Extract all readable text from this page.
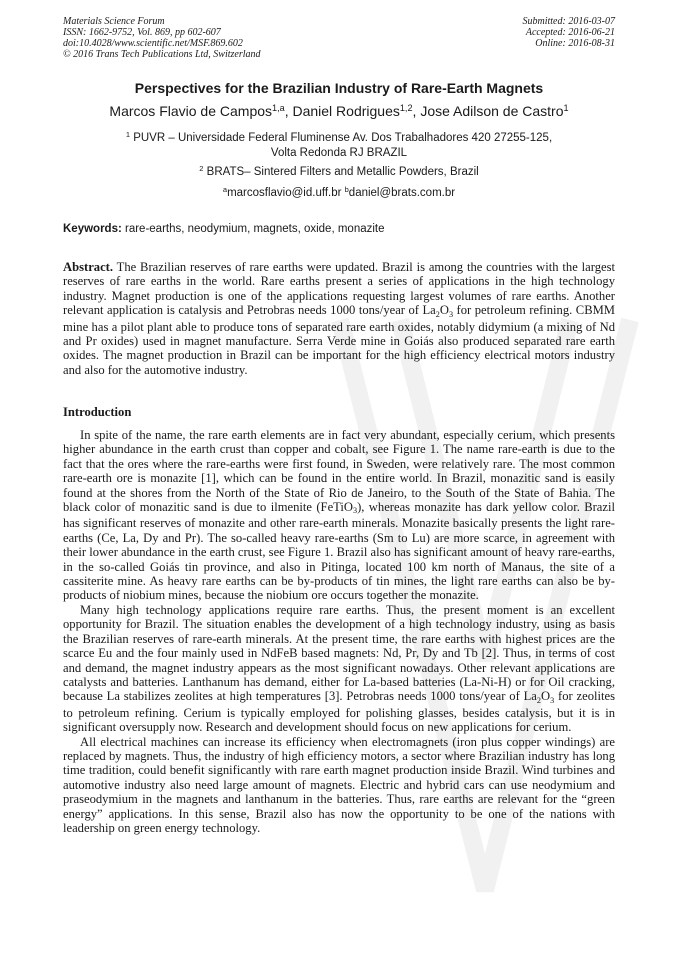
Materials Science Forum
ISSN: 1662-9752, Vol. 869, pp 602-607
doi:10.4028/www.scientific.net/MSF.869.602
© 2016 Trans Tech Publications Ltd, Switzerland
Submitted: 2016-03-07
Accepted: 2016-06-21
Online: 2016-08-31
Perspectives for the Brazilian Industry of Rare-Earth Magnets
Marcos Flavio de Campos$^{1,a}$, Daniel Rodrigues$^{1,2}$, Jose Adilson de Castro$^1$
$^1$ PUVR – Universidade Federal Fluminense Av. Dos Trabalhadores 420 27255-125,
Volta Redonda RJ BRAZIL
$^2$ BRATS– Sintered Filters and Metallic Powders, Brazil
$^a$marcosflavio@id.uff.br $^b$daniel@brats.com.br
Keywords: rare-earths, neodymium, magnets, oxide, monazite

Abstract. The Brazilian reserves of rare earths were updated. Brazil is among the countries with the largest reserves of rare earths in the world. Rare earths present a series of applications in the high technology industry. Magnet production is one of the applications requesting largest volumes of rare earths. Another relevant application is catalysis and Petrobras needs 1000 tons/year of $La_2O_3$ for petroleum refining. CBMM mine has a pilot plant able to produce tons of separated rare earth oxides, notably didymium (a mixing of Nd and Pr oxides) used in magnet manufacture. Serra Verde mine in Goiás also produced separated rare earth oxides. The magnet production in Brazil can be important for the high efficiency electrical motors industry and also for the automotive industry.

Introduction

In spite of the name, the rare earth elements are in fact very abundant, especially cerium, which presents higher abundance in the earth crust than copper and cobalt, see Figure 1. The name rare-earth is due to the fact that the ores where the rare-earths were first found, in Sweden, were relatively rare. The most common rare-earth ore is monazite [1], which can be found in the entire world. In Brazil, monazitic sand is easily found at the shores from the North of the State of Rio de Janeiro, to the South of the State of Bahia. The black color of monazitic sand is due to ilmenite (FeTiO$_3$), whereas monazite has dark yellow color. Brazil has significant reserves of monazite and other rare-earth minerals. Monazite basically presents the light rare-earths (Ce, La, Dy and Pr). The so-called heavy rare-earths (Sm to Lu) are more scarce, in agreement with their lower abundance in the earth crust, see Figure 1. Brazil also has significant amount of heavy rare-earths, in the so-called Goiás tin province, and also in Pitinga, located 100 km north of Manaus, the site of a cassiterite mine. As heavy rare earths can be by-products of tin mines, the light rare earths can also be by-products of niobium mines, because the niobium ore occurs together the monazite.

Many high technology applications require rare earths. Thus, the present moment is an excellent opportunity for Brazil. The situation enables the development of a high technology industry, using as basis the Brazilian reserves of rare-earth minerals. At the present time, the rare earths with highest prices are the scarce Eu and the four mainly used in NdFeB based magnets: Nd, Pr, Dy and Tb [2]. Thus, in terms of cost and demand, the magnet industry appears as the most significant nowadays. Other relevant applications are catalysts and batteries. Lanthanum has demand, either for La-based batteries (La-Ni-H) or for Oil cracking, because La stabilizes zeolites at high temperatures [3]. Petrobras needs 1000 tons/year of $La_2O_3$ for zeolites to petroleum refining. Cerium is typically employed for polishing glasses, besides catalysis, but it is in significant oversupply now. Research and development should focus on new applications for cerium.

All electrical machines can increase its efficiency when electromagnets (iron plus copper windings) are replaced by magnets. Thus, the industry of high efficiency motors, a sector where Brazilian industry has long time tradition, could benefit significantly with rare earth magnet production inside Brazil. Wind turbines and automotive industry also need large amount of magnets. Electric and hybrid cars can use neodymium and praseodymium in the magnets and lanthanum in the batteries. Thus, rare earths are relevant for the “green energy” applications. In this sense, Brazil also has now the opportunity to be one of the nations with leadership on green energy technology.
